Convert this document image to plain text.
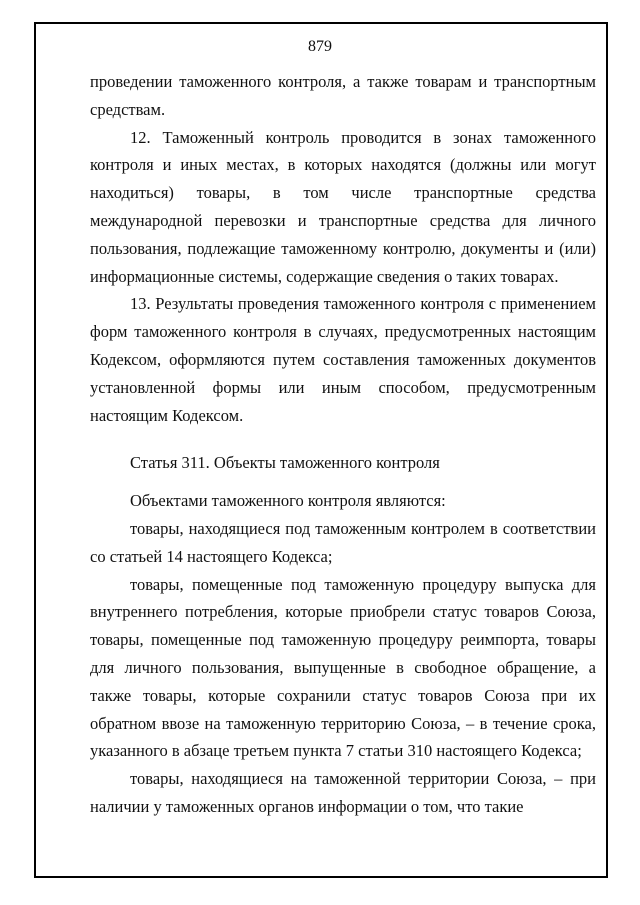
879

проведении таможенного контроля, а также товарам и транспортным средствам.

12. Таможенный контроль проводится в зонах таможенного контроля и иных местах, в которых находятся (должны или могут находиться) товары, в том числе транспортные средства международной перевозки и транспортные средства для личного пользования, подлежащие таможенному контролю, документы и (или) информационные системы, содержащие сведения о таких товарах.

13. Результаты проведения таможенного контроля с применением форм таможенного контроля в случаях, предусмотренных настоящим Кодексом, оформляются путем составления таможенных документов установленной формы или иным способом, предусмотренным настоящим Кодексом.

Статья 311. Объекты таможенного контроля

Объектами таможенного контроля являются:

товары, находящиеся под таможенным контролем в соответствии со статьей 14 настоящего Кодекса;

товары, помещенные под таможенную процедуру выпуска для внутреннего потребления, которые приобрели статус товаров Союза, товары, помещенные под таможенную процедуру реимпорта, товары для личного пользования, выпущенные в свободное обращение, а также товары, которые сохранили статус товаров Союза при их обратном ввозе на таможенную территорию Союза, – в течение срока, указанного в абзаце третьем пункта 7 статьи 310 настоящего Кодекса;

товары, находящиеся на таможенной территории Союза, – при наличии у таможенных органов информации о том, что такие
